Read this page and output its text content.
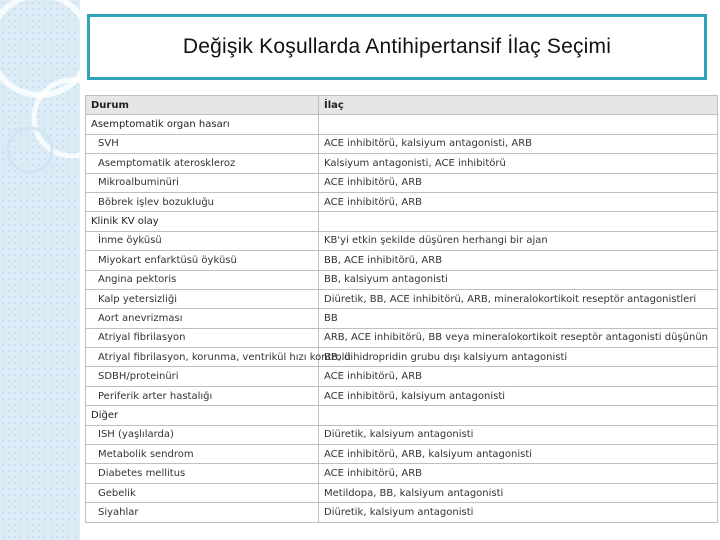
Değişik Koşullarda Antihipertansif İlaç Seçimi
Durum	İlaç
Asemptomatik organ hasarı	
SVH	ACE inhibitörü, kalsiyum antagonisti, ARB
Asemptomatik ateroskleroz	Kalsiyum antagonisti, ACE inhibitörü
Mikroalbuminüri	ACE inhibitörü, ARB
Böbrek işlev bozukluğu	ACE inhibitörü, ARB
Klinik KV olay	
İnme öyküsü	KB'yi etkin şekilde düşüren herhangi bir ajan
Miyokart enfarktüsü öyküsü	BB, ACE inhibitörü, ARB
Angina pektoris	BB, kalsiyum antagonisti
Kalp yetersizliği	Diüretik, BB, ACE inhibitörü, ARB, mineralokortikoit reseptör antagonistleri
Aort anevrizması	BB
Atriyal fibrilasyon	ARB, ACE inhibitörü, BB veya mineralokortikoit reseptör antagonisti düşünün
Atriyal fibrilasyon, korunma, ventrikül hızı kontrolü	BB, dihidropridin grubu dışı kalsiyum antagonisti
SDBH/proteinüri	ACE inhibitörü, ARB
Periferik arter hastalığı	ACE inhibitörü, kalsiyum antagonisti
Diğer	
ISH (yaşlılarda)	Diüretik, kalsiyum antagonisti
Metabolik sendrom	ACE inhibitörü, ARB, kalsiyum antagonisti
Diabetes mellitus	ACE inhibitörü, ARB
Gebelik	Metildopa, BB, kalsiyum antagonisti
Siyahlar	Diüretik, kalsiyum antagonisti
